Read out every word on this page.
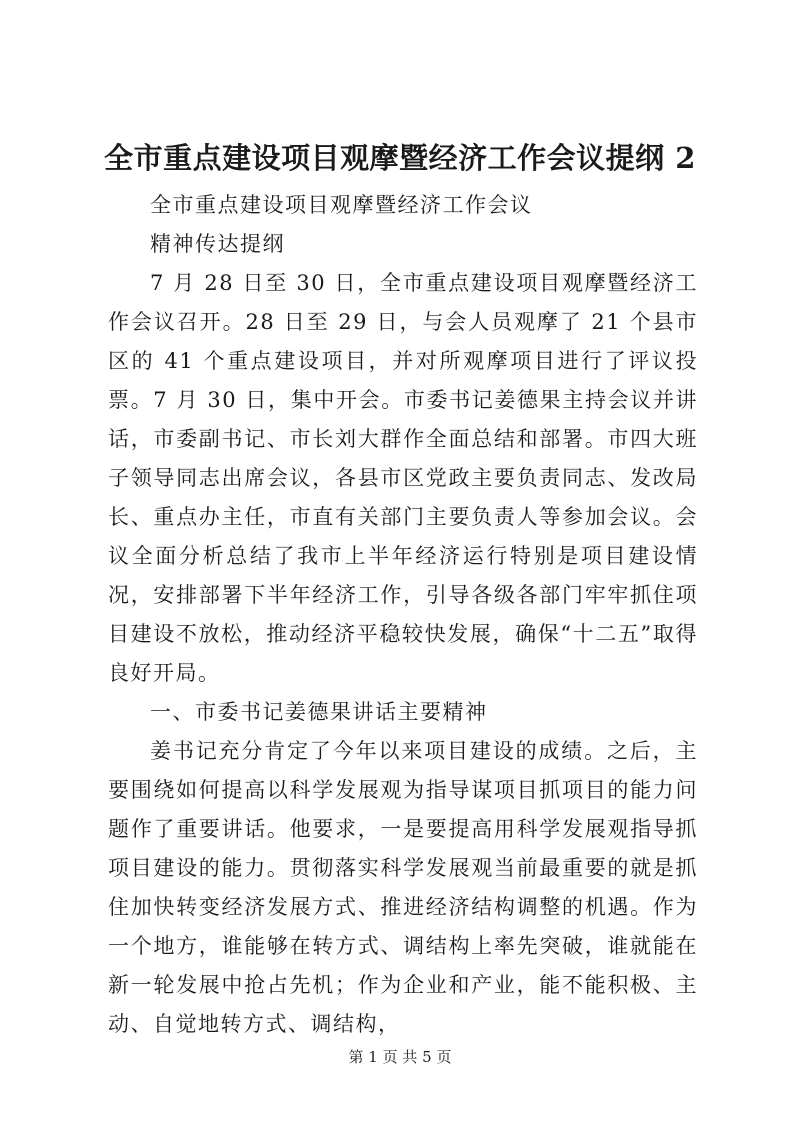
全市重点建设项目观摩暨经济工作会议提纲 2

全市重点建设项目观摩暨经济工作会议

精神传达提纲

7 月 28 日至 30 日，全市重点建设项目观摩暨经济工作会议召开。28 日至 29 日，与会人员观摩了 21 个县市区的 41 个重点建设项目，并对所观摩项目进行了评议投票。7 月 30 日，集中开会。市委书记姜德果主持会议并讲话，市委副书记、市长刘大群作全面总结和部署。市四大班子领导同志出席会议，各县市区党政主要负责同志、发改局长、重点办主任，市直有关部门主要负责人等参加会议。会议全面分析总结了我市上半年经济运行特别是项目建设情况，安排部署下半年经济工作，引导各级各部门牢牢抓住项目建设不放松，推动经济平稳较快发展，确保“十二五”取得良好开局。

一、市委书记姜德果讲话主要精神

姜书记充分肯定了今年以来项目建设的成绩。之后，主要围绕如何提高以科学发展观为指导谋项目抓项目的能力问题作了重要讲话。他要求，一是要提高用科学发展观指导抓项目建设的能力。贯彻落实科学发展观当前最重要的就是抓住加快转变经济发展方式、推进经济结构调整的机遇。作为一个地方，谁能够在转方式、调结构上率先突破，谁就能在新一轮发展中抢占先机；作为企业和产业，能不能积极、主动、自觉地转方式、调结构，

第 1 页 共 5 页
